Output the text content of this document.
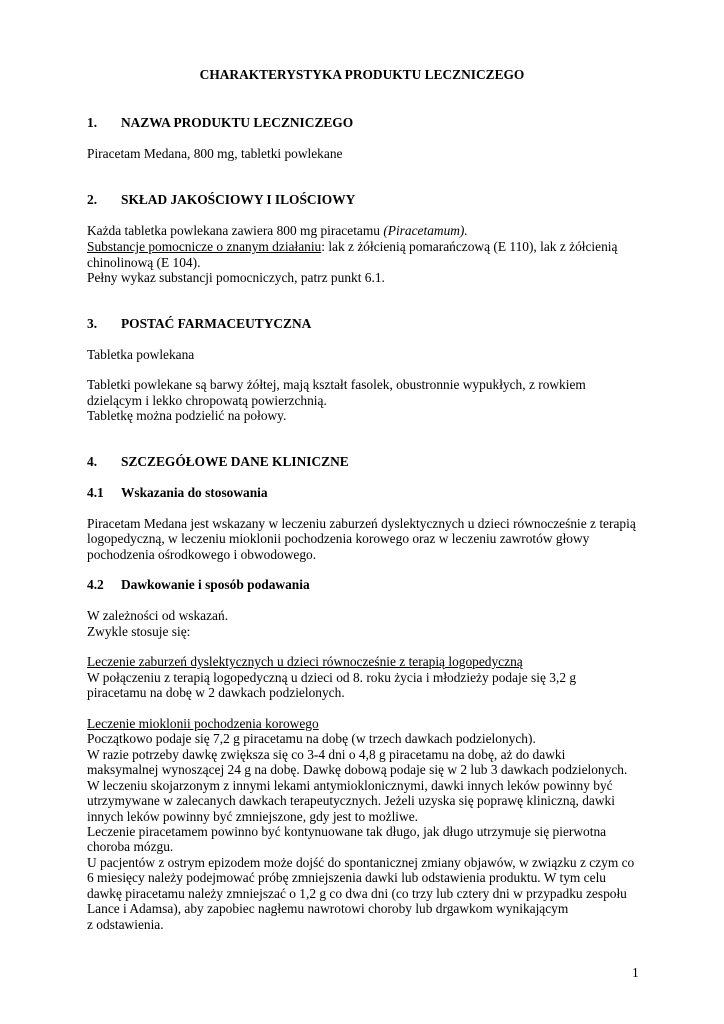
CHARAKTERYSTYKA PRODUKTU LECZNICZEGO
1. NAZWA PRODUKTU LECZNICZEGO
Piracetam Medana, 800 mg, tabletki powlekane
2. SKŁAD JAKOŚCIOWY I ILOŚCIOWY
Każda tabletka powlekana zawiera 800 mg piracetamu (Piracetamum).
Substancje pomocnicze o znanym działaniu: lak z żółcienią pomarańczową (E 110), lak z żółcienią
chinolinową (E 104).
Pełny wykaz substancji pomocniczych, patrz punkt 6.1.
3. POSTAĆ FARMACEUTYCZNA
Tabletka powlekana
Tabletki powlekane są barwy żółtej, mają kształt fasolek, obustronnie wypukłych, z rowkiem
dzielącym i lekko chropowatą powierzchnią.
Tabletkę można podzielić na połowy.
4. SZCZEGÓŁOWE DANE KLINICZNE
4.1 Wskazania do stosowania
Piracetam Medana jest wskazany w leczeniu zaburzeń dyslektycznych u dzieci równocześnie z terapią
logopedyczną, w leczeniu mioklonii pochodzenia korowego oraz w leczeniu zawrotów głowy
pochodzenia ośrodkowego i obwodowego.
4.2 Dawkowanie i sposób podawania
W zależności od wskazań.
Zwykle stosuje się:
Leczenie zaburzeń dyslektycznych u dzieci równocześnie z terapią logopedyczną
W połączeniu z terapią logopedyczną u dzieci od 8. roku życia i młodzieży podaje się 3,2 g
piracetamu na dobę w 2 dawkach podzielonych.
Leczenie mioklonii pochodzenia korowego
Początkowo podaje się 7,2 g piracetamu na dobę (w trzech dawkach podzielonych).
W razie potrzeby dawkę zwiększa się co 3-4 dni o 4,8 g piracetamu na dobę, aż do dawki
maksymalnej wynoszącej 24 g na dobę. Dawkę dobową podaje się w 2 lub 3 dawkach podzielonych.
W leczeniu skojarzonym z innymi lekami antymioklonicznymi, dawki innych leków powinny być
utrzymywane w zalecanych dawkach terapeutycznych. Jeżeli uzyska się poprawę kliniczną, dawki
innych leków powinny być zmniejszone, gdy jest to możliwe.
Leczenie piracetamem powinno być kontynuowane tak długo, jak długo utrzymuje się pierwotna
choroba mózgu.
U pacjentów z ostrym epizodem może dojść do spontanicznej zmiany objawów, w związku z czym co
6 miesięcy należy podejmować próbę zmniejszenia dawki lub odstawienia produktu. W tym celu
dawkę piracetamu należy zmniejszać o 1,2 g co dwa dni (co trzy lub cztery dni w przypadku zespołu
Lance i Adamsa), aby zapobiec nagłemu nawrotowi choroby lub drgawkom wynikającym
z odstawienia.
1
